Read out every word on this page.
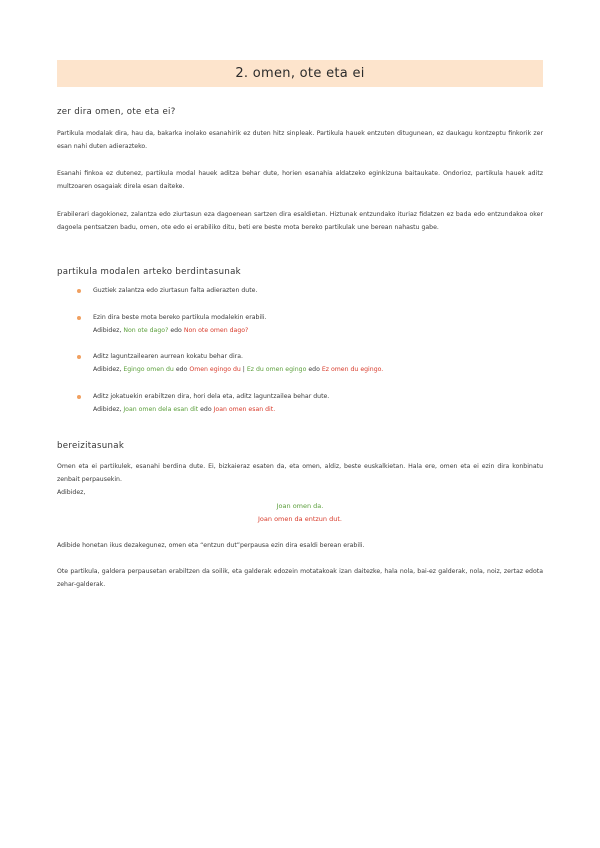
2. omen, ote eta ei
zer dira omen, ote eta ei?

Partikula modalak dira, hau da, bakarka inolako esanahirik ez duten hitz sinpleak. Partikula hauek entzuten ditugunean, ez daukagu kontzeptu finkorik zer esan nahi duten adierazteko.

Esanahi finkoa ez dutenez, partikula modal hauek aditza behar dute, horien esanahia aldatzeko eginkizuna baitaukate. Ondorioz, partikula hauek aditz multzoaren osagaiak direla esan daiteke.

Erabilerari dagokionez, zalantza edo ziurtasun eza dagoenean sartzen dira esaldietan. Hiztunak entzundako ituriaz fidatzen ez bada edo entzundakoa oker dagoela pentsatzen badu, omen, ote edo ei erabiliko ditu, beti ere beste mota bereko partikulak une berean nahastu gabe.

partikula modalen arteko berdintasunak
Guztiek zalantza edo ziurtasun falta adierazten dute.
Ezin dira beste mota bereko partikula modalekin erabili.
Adibidez, Non ote dago? edo Non ote omen dago?
Aditz laguntzailearen aurrean kokatu behar dira.
Adibidez, Egingo omen du edo Omen egingo du | Ez du omen egingo edo Ez omen du egingo.
Aditz jokatuekin erabiltzen dira, hori dela eta, aditz laguntzailea behar dute.
Adibidez, Joan omen dela esan dit edo Joan omen esan dit.
bereizitasunak

Omen eta ei partikulek, esanahi berdina dute. Ei, bizkaieraz esaten da, eta omen, aldiz, beste euskalkietan. Hala ere, omen eta ei ezin dira konbinatu zenbait perpausekin.

Adibidez,
Joan omen da.
Joan omen da entzun dut.

Adibide honetan ikus dezakegunez, omen eta “entzun dut”perpausa ezin dira esaldi berean erabili.

Ote partikula, galdera perpausetan erabiltzen da soilik, eta galderak edozein motatakoak izan daitezke, hala nola, bai-ez galderak, nola, noiz, zertaz edota zehar-galderak.
